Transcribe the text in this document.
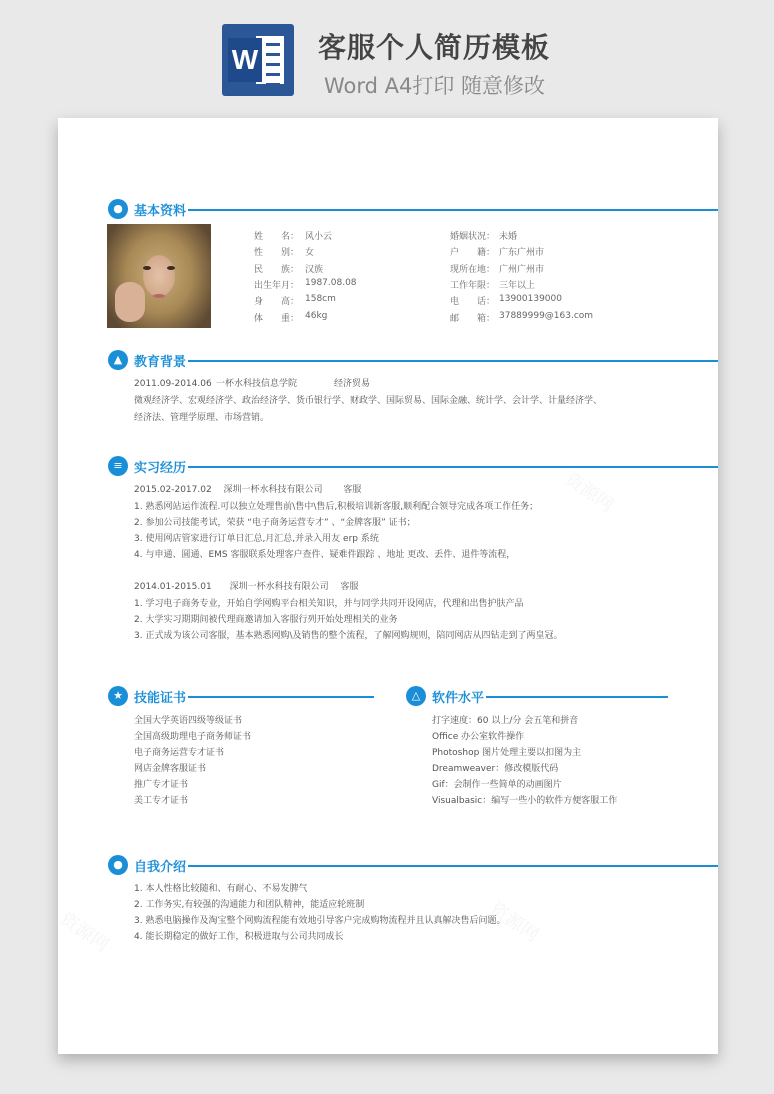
W 客服个人简历模板
Word A4打印 随意修改
资源网
资源网
资源网
● 基本资料
姓　　名： 风小云
性　　别： 女
民　　族： 汉族
出生年月： 1987.08.08
身　　高： 158cm
体　　重： 46kg
婚姻状况： 未婚
户　　籍： 广东广州市
现所在地： 广州广州市
工作年限： 三年以上
电　　话： 13900139000
邮　　箱： 37889999@163.com
▲ 教育背景
2011.09-2014.06 一杯水科技信息学院	经济贸易
微观经济学、宏观经济学、政治经济学、货币银行学、财政学、国际贸易、国际金融、统计学、会计学、计量经济学、
经济法、管理学原理、市场营销。
≡ 实习经历
2015.02-2017.02　 深圳一杯水科技有限公司　　 客服
1. 熟悉网站运作流程.可以独立处理售前\售中\售后,积极培训新客服,顺利配合领导完成各项工作任务；
2. 参加公司技能考试，荣获 “电子商务运营专才” 、“金牌客服” 证书；
3. 使用网店管家进行订单日汇总,月汇总,并录入用友 erp 系统
4. 与申通、圆通、EMS 客服联系处理客户查件、疑难件跟踪 、地址 更改、丢件、退件等流程，
2014.01-2015.01　　深圳一杯水科技有限公司　 客服
1. 学习电子商务专业，开始自学网购平台相关知识，并与同学共同开设网店，代理和出售护肤产品
2. 大学实习期期间被代理商邀请加入客服行列开始处理相关的业务
3. 正式成为该公司客服，基本熟悉网购\及销售的整个流程，了解网购规则，陪同网店从四钻走到了两皇冠。
★ 技能证书
全国大学英语四级等级证书
全国高级助理电子商务师证书
电子商务运营专才证书
网店金牌客服证书
推广专才证书
美工专才证书
△ 软件水平
打字速度：60 以上/分 会五笔和拼音
Office 办公室软件操作
Photoshop 图片处理主要以扣图为主
Dreamweaver：修改模版代码
Gif：会制作一些简单的动画图片
Visualbasic：编写一些小的软件方便客服工作
● 自我介绍
1. 本人性格比较随和、有耐心、不易发脾气
2. 工作务实,有较强的沟通能力和团队精神，能适应轮班制
3. 熟悉电脑操作及淘宝整个网购流程能有效地引导客户完成购物流程并且认真解决售后问题。
4. 能长期稳定的做好工作，积极进取与公司共同成长
